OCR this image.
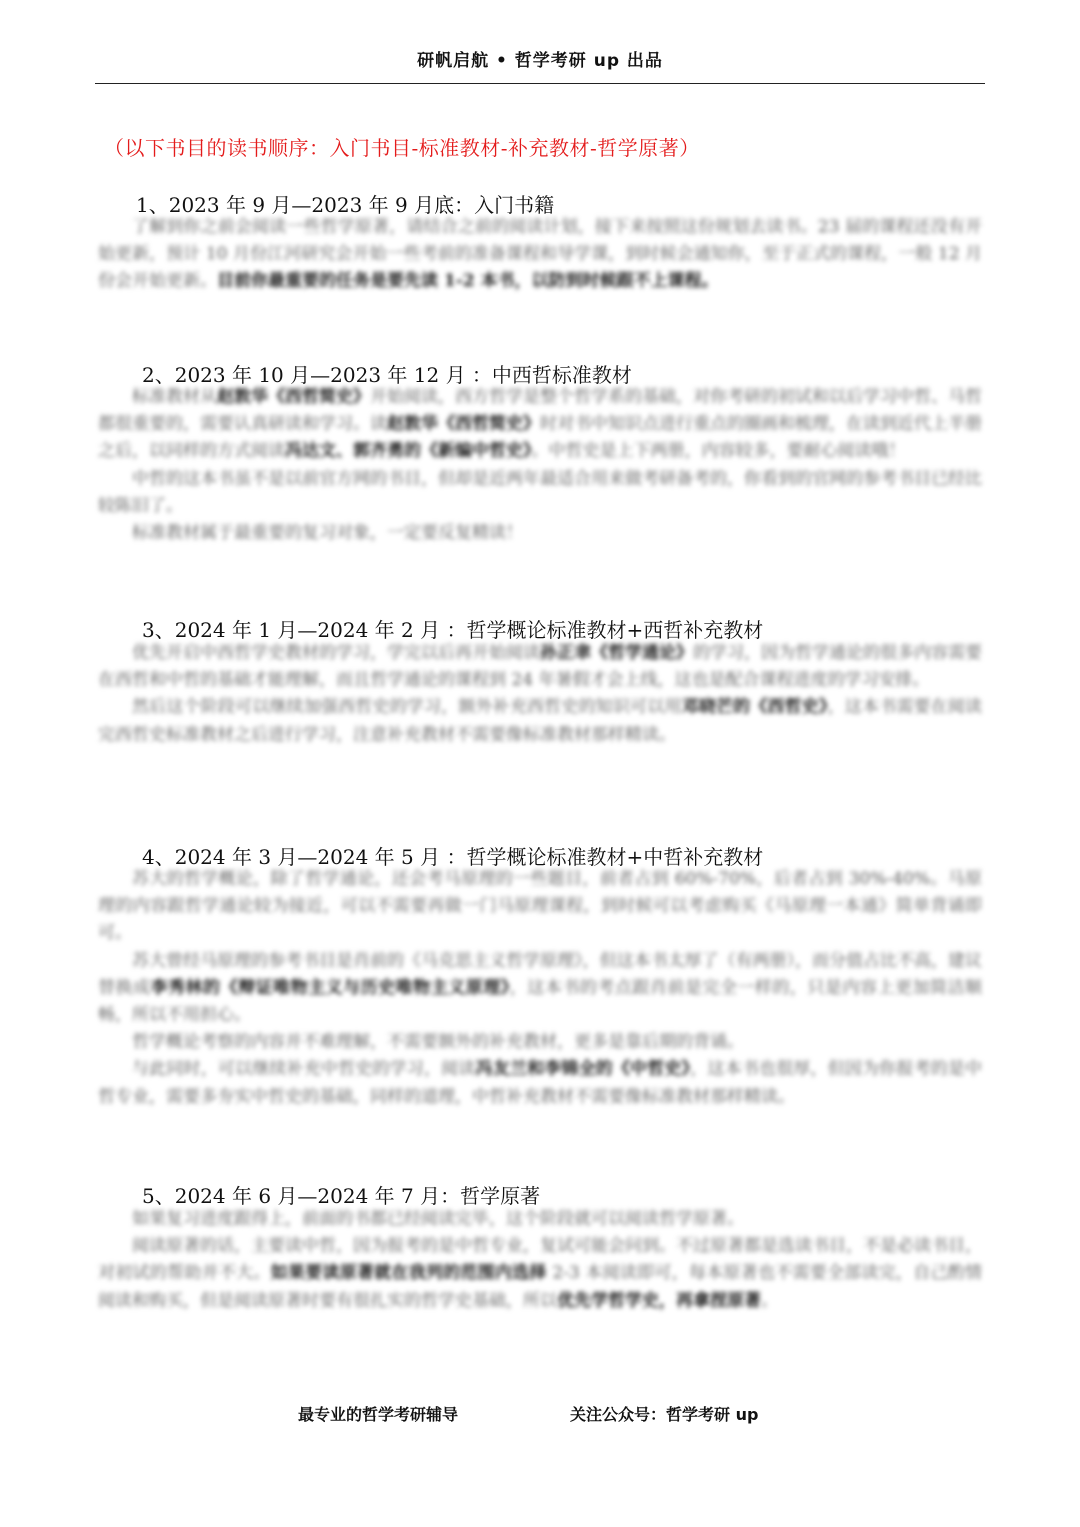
研帆启航 • 哲学考研 up 出品
（以下书目的读书顺序：入门书目-标准教材-补充教材-哲学原著）
1、2023 年 9 月—2023 年 9 月底：入门书籍

了解到你之前会阅读一些哲学原著，请结合之前的阅读计划，接下来按照这份规划去读书。23 届的课程还没有开始更新，预计 10 月份江河研究会开始一些考前的准备课程和导学课，到时候会通知你，至于正式的课程，一般 12 月份会开始更新。目前你最重要的任务是要先读 1-2 本书，以防到时候跟不上课程。

2、2023 年 10 月—2023 年 12 月 ：中西哲标准教材

标准教材从赵敦华《西哲简史》开始阅读，西方哲学是整个哲学系的基础，对你考研的初试和以后学习中哲、马哲都很重要的，需要认真研读和学习。读赵敦华《西哲简史》时对书中知识点进行重点的圈画和梳理，在读到近代上半册之后，以同样的方式阅读冯达文、郭齐勇的《新编中哲史》。中哲史是上下两册，内容较多，要耐心阅读哦！

中哲的这本书虽不是以前官方网的书目，但却是近两年最适合用来做考研备考的，你看到的官网的参考书目已经比较陈旧了。

标准教材属于最重要的复习对象，一定要反复精读！

3、2024 年 1 月—2024 年 2 月 ：哲学概论标准教材+西哲补充教材

优先开启中西哲学史教材的学习，学完以后再开始阅读孙正聿《哲学通论》的学习，因为哲学通论的很多内容需要在西哲和中哲的基础才能理解，而且哲学通论的课程到 24 年暑假才会上线，这也是配合课程进度的学习安排。

然后这个阶段可以继续加强西哲史的学习，额外补充西哲史的知识可以用邓晓芒的《西哲史》，这本书需要在阅读完西哲史标准教材之后进行学习，注意补充教材不需要像标准教材那样精读。

4、2024 年 3 月—2024 年 5 月 ：哲学概论标准教材+中哲补充教材

苏大的哲学概论，除了哲学通论，还会考马原理的一些题目，前者占到 60%-70%，后者占到 30%-40%。马原理的内容跟哲学通论较为接近，可以不需要再做一门马原理课程，到时候可以考虑购买《马原理一本通》简单背诵即可。

苏大曾经马原理的参考书目是肖前的《马克思主义哲学原理》，但这本书太厚了（有两册），而分值占比不高，建议替换成李秀林的《辩证唯物主义与历史唯物主义原理》，这本书的考点跟肖前是完全一样的，只是内容上更加简洁顺畅，所以不用担心。

哲学概论考察的内容并不难理解，不需要额外的补充教材，更多是靠后期的背诵。

与此同时，可以继续补充中哲史的学习，阅读冯友兰和李锦全的《中哲史》，这本书也很厚，但因为你报考的是中哲专业，需要多夯实中哲史的基础，同样的道理，中哲补充教材不需要像标准教材那样精读。

5、2024 年 6 月—2024 年 7 月：哲学原著

如果复习进度跟得上，前面的书都已经阅读完毕，这个阶段就可以阅读哲学原著。

阅读原著的话，主要读中哲，因为报考的是中哲专业，复试可能会问到。不过原著都是选读书目，不是必读书目，对初试的帮助并不大。如果要读原著就在我列的范围内选择 2-3 本阅读即可，每本原著也不需要全部读完，自己酌情阅读和购买，但是阅读原著时要有很扎实的哲学史基础，所以优先学哲学史，再拿捏原著。

最专业的哲学考研辅导	关注公众号：哲学考研 up
